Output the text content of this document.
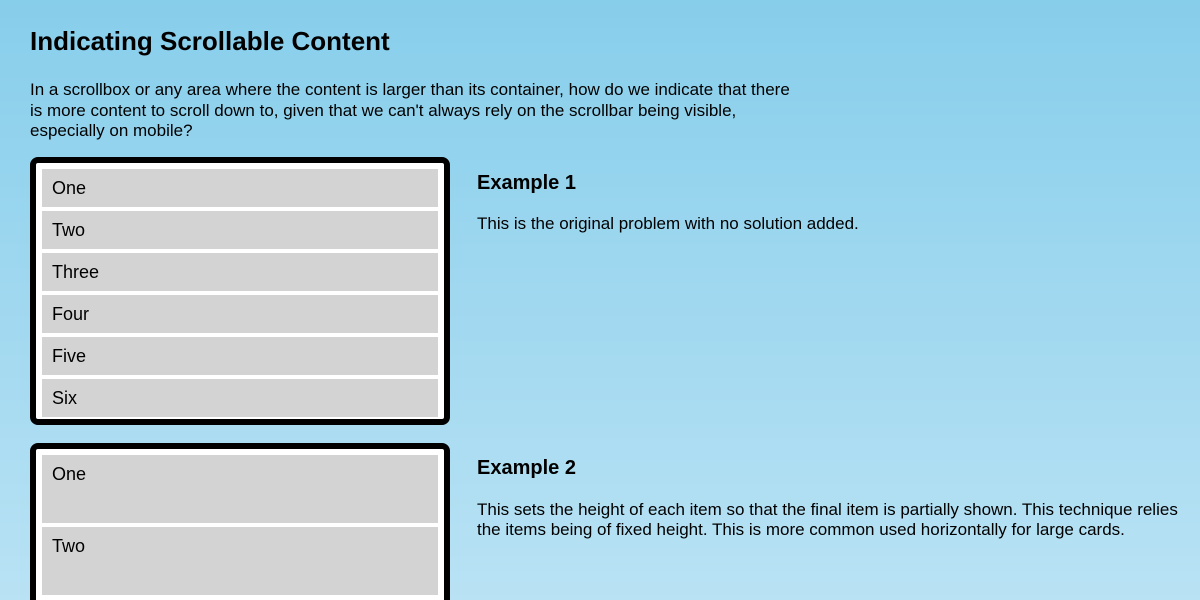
Indicating Scrollable Content

In a scrollbox or any area where the content is larger than its container, how do we indicate that there is more content to scroll down to, given that we can't always rely on the scrollbar being visible, especially on mobile?

One
Two
Three
Four
Five
Six
Example 1

This is the original problem with no solution added.

One
Two
Example 2

This sets the height of each item so that the final item is partially shown. This technique relies

the items being of fixed height. This is more common used horizontally for large cards.
